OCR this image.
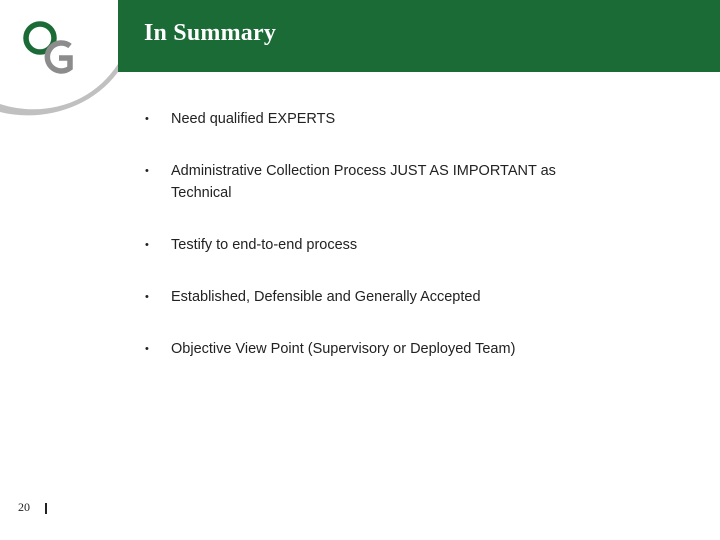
In Summary
•	Need qualified EXPERTS
•	Administrative Collection Process JUST AS IMPORTANT as Technical
•	Testify to end-to-end process
•	Established, Defensible and Generally Accepted
•	Objective View Point (Supervisory or Deployed Team)
20
